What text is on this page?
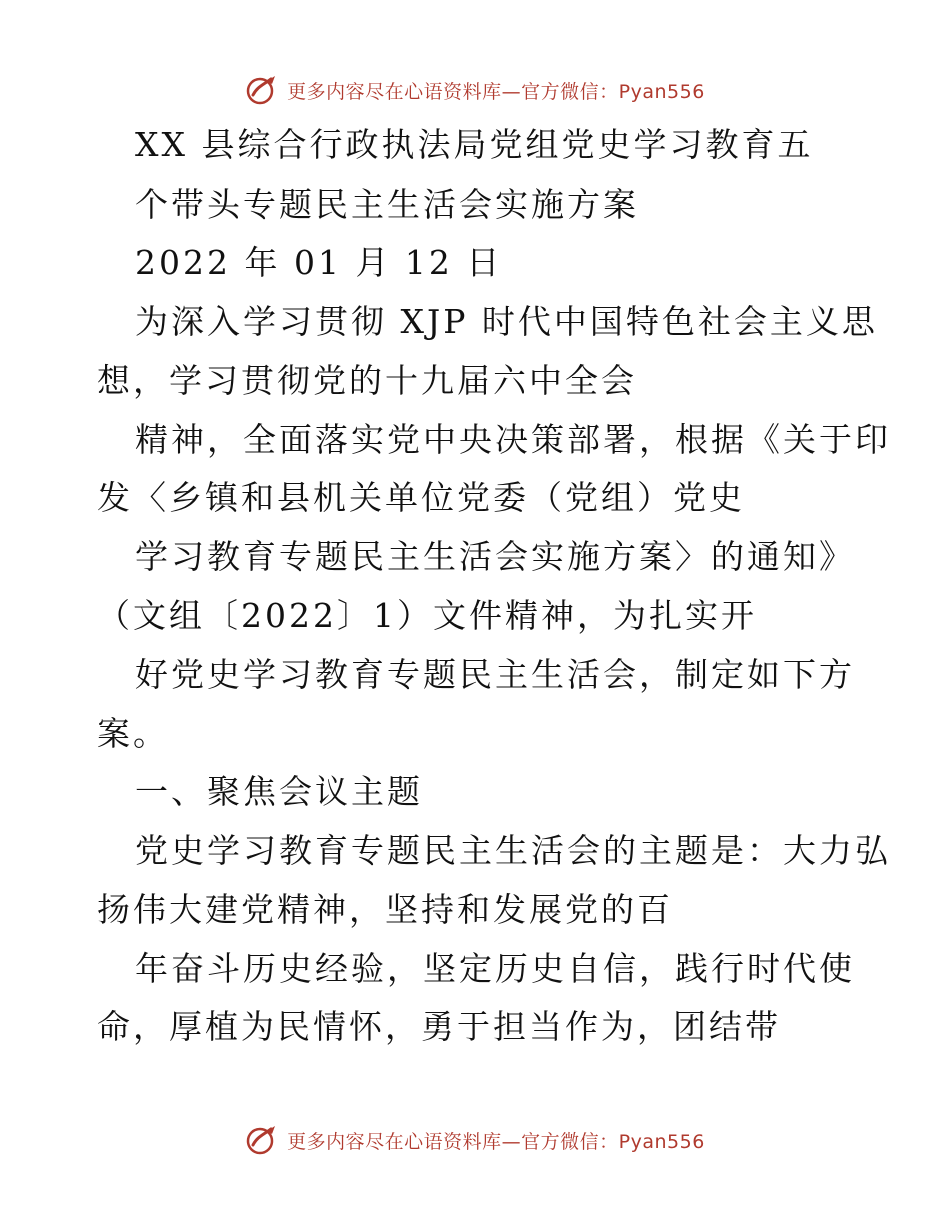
更多内容尽在心语资料库—官方微信：Pyan556
XX 县综合行政执法局党组党史学习教育五
个带头专题民主生活会实施方案
2022 年 01 月 12 日
为深入学习贯彻 XJP 时代中国特色社会主义思
想，学习贯彻党的十九届六中全会
精神，全面落实党中央决策部署，根据《关于印
发〈乡镇和县机关单位党委（党组）党史
学习教育专题民主生活会实施方案〉的通知》
（文组〔2022〕1）文件精神，为扎实开
好党史学习教育专题民主生活会，制定如下方
案。
一、聚焦会议主题
党史学习教育专题民主生活会的主题是：大力弘
扬伟大建党精神，坚持和发展党的百
年奋斗历史经验，坚定历史自信，践行时代使
命，厚植为民情怀，勇于担当作为，团结带
更多内容尽在心语资料库—官方微信：Pyan556
